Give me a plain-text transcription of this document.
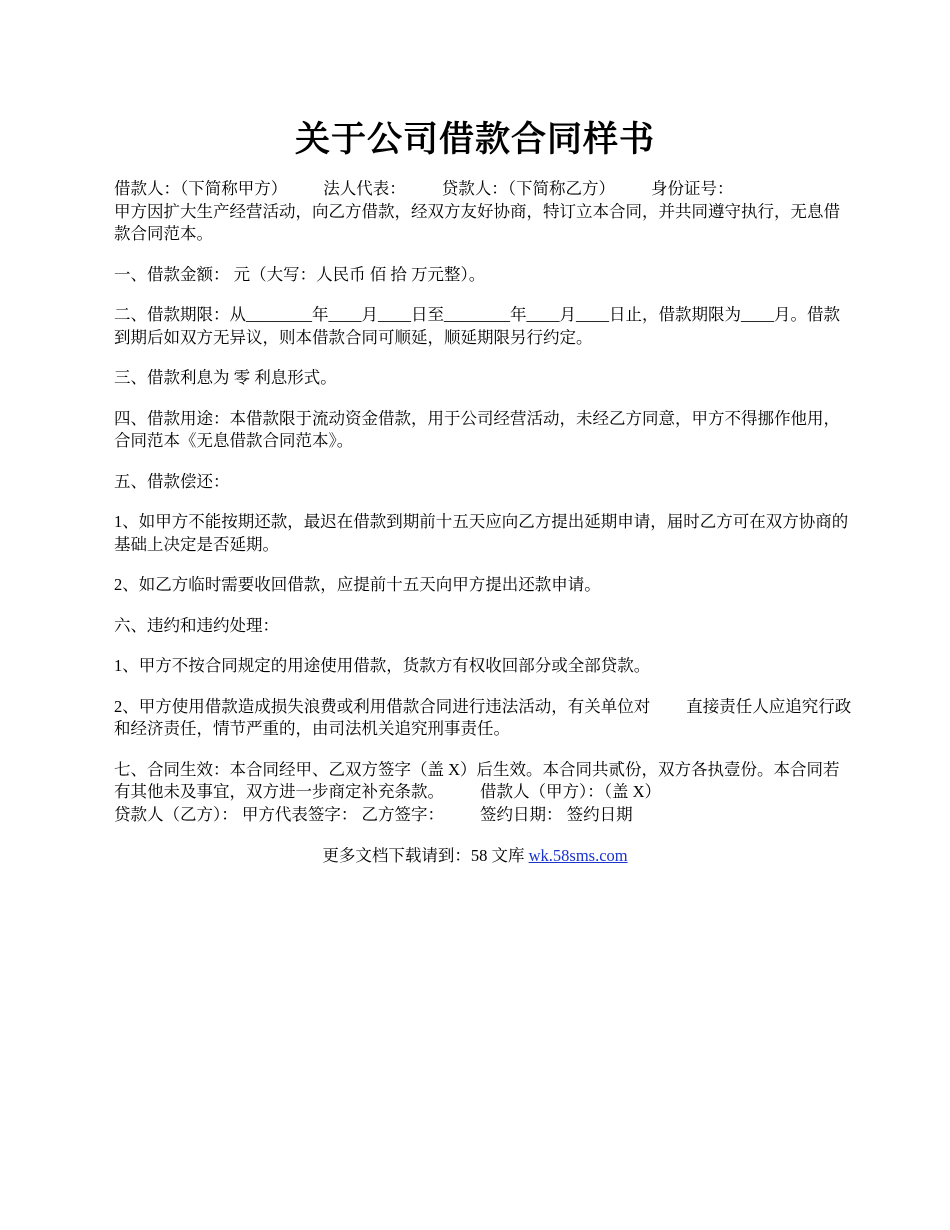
关于公司借款合同样书

借款人：（下简称甲方） 法人代表： 贷款人：（下简称乙方） 身份证号：

甲方因扩大生产经营活动，向乙方借款，经双方友好协商，特订立本合同，并共同遵守执行，无息借款合同范本。

一、借款金额： 元（大写：人民币 佰 拾 万元整）。

二、借款期限：从________年____月____日至________年____月____日止，借款期限为____月。借款到期后如双方无异议，则本借款合同可顺延，顺延期限另行约定。

三、借款利息为 零 利息形式。

四、借款用途：本借款限于流动资金借款，用于公司经营活动，未经乙方同意，甲方不得挪作他用，合同范本《无息借款合同范本》。

五、借款偿还：

1、如甲方不能按期还款，最迟在借款到期前十五天应向乙方提出延期申请，届时乙方可在双方协商的基础上决定是否延期。

2、如乙方临时需要收回借款，应提前十五天向甲方提出还款申请。

六、违约和违约处理：

1、甲方不按合同规定的用途使用借款，货款方有权收回部分或全部贷款。

2、甲方使用借款造成损失浪费或利用借款合同进行违法活动，有关单位对 直接责任人应追究行政和经济责任，情节严重的，由司法机关追究刑事责任。

七、合同生效：本合同经甲、乙双方签字（盖 X）后生效。本合同共贰份，双方各执壹份。本合同若有其他未及事宜，双方进一步商定补充条款。 借款人（甲方）：（盖 X）
贷款人（乙方）： 甲方代表签字： 乙方签字： 签约日期： 签约日期

更多文档下载请到：58 文库 wk.58sms.com
